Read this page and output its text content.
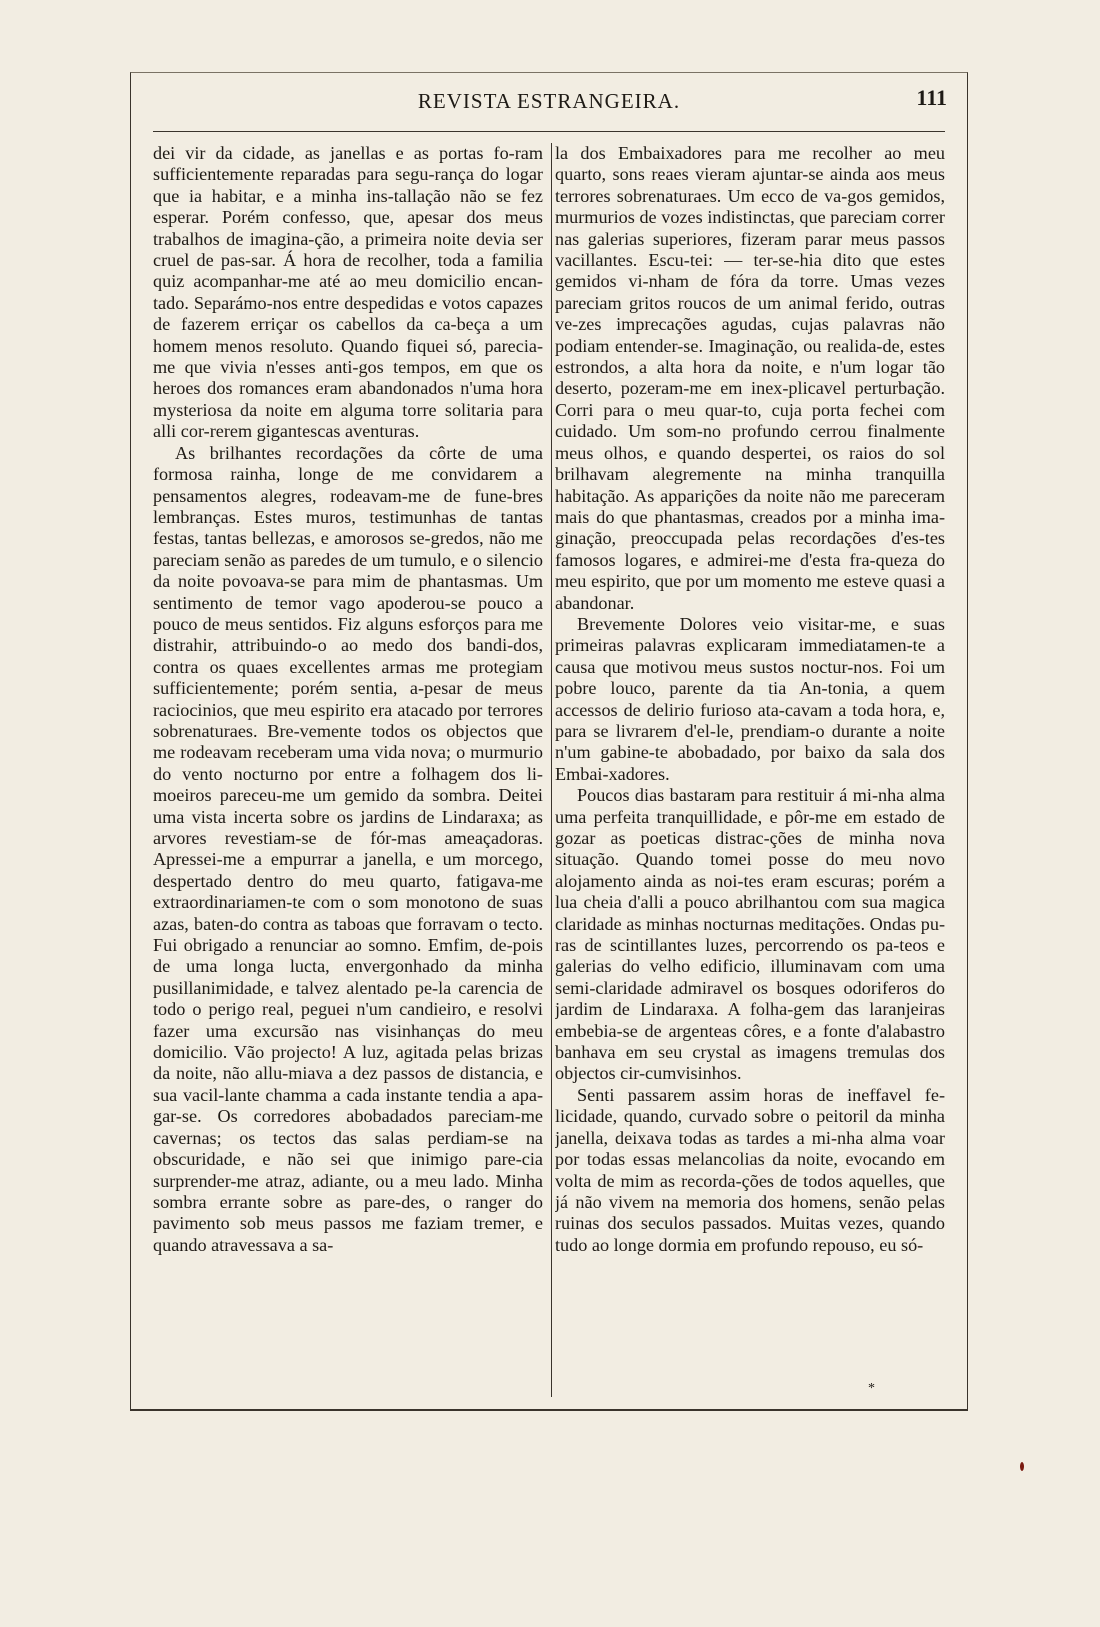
REVISTA ESTRANGEIRA.	111

dei vir da cidade, as janellas e as portas fo-ram sufficientemente reparadas para segu-rança do logar que ia habitar, e a minha ins-tallação não se fez esperar. Porém confesso, que, apesar dos meus trabalhos de imagina-ção, a primeira noite devia ser cruel de pas-sar. Á hora de recolher, toda a familia quiz acompanhar-me até ao meu domicilio encan-tado. Separámo-nos entre despedidas e votos capazes de fazerem erriçar os cabellos da ca-beça a um homem menos resoluto. Quando fiquei só, parecia-me que vivia n'esses anti-gos tempos, em que os heroes dos romances eram abandonados n'uma hora mysteriosa da noite em alguma torre solitaria para alli cor-rerem gigantescas aventuras.

As brilhantes recordações da côrte de uma formosa rainha, longe de me convidarem a pensamentos alegres, rodeavam-me de fune-bres lembranças. Estes muros, testimunhas de tantas festas, tantas bellezas, e amorosos se-gredos, não me pareciam senão as paredes de um tumulo, e o silencio da noite povoava-se para mim de phantasmas. Um sentimento de temor vago apoderou-se pouco a pouco de meus sentidos. Fiz alguns esforços para me distrahir, attribuindo-o ao medo dos bandi-dos, contra os quaes excellentes armas me protegiam sufficientemente; porém sentia, a-pesar de meus raciocinios, que meu espirito era atacado por terrores sobrenaturaes. Bre-vemente todos os objectos que me rodeavam receberam uma vida nova; o murmurio do vento nocturno por entre a folhagem dos li-moeiros pareceu-me um gemido da sombra. Deitei uma vista incerta sobre os jardins de Lindaraxa; as arvores revestiam-se de fór-mas ameaçadoras. Apressei-me a empurrar a janella, e um morcego, despertado dentro do meu quarto, fatigava-me extraordinariamen-te com o som monotono de suas azas, baten-do contra as taboas que forravam o tecto. Fui obrigado a renunciar ao somno. Emfim, de-pois de uma longa lucta, envergonhado da minha pusillanimidade, e talvez alentado pe-la carencia de todo o perigo real, peguei n'um candieiro, e resolvi fazer uma excursão nas visinhanças do meu domicilio. Vão projecto! A luz, agitada pelas brizas da noite, não allu-miava a dez passos de distancia, e sua vacil-lante chamma a cada instante tendia a apa-gar-se. Os corredores abobadados pareciam-me cavernas; os tectos das salas perdiam-se na obscuridade, e não sei que inimigo pare-cia surprender-me atraz, adiante, ou a meu lado. Minha sombra errante sobre as pare-des, o ranger do pavimento sob meus passos me faziam tremer, e quando atravessava a sa-

la dos Embaixadores para me recolher ao meu quarto, sons reaes vieram ajuntar-se ainda aos meus terrores sobrenaturaes. Um ecco de va-gos gemidos, murmurios de vozes indistinctas, que pareciam correr nas galerias superiores, fizeram parar meus passos vacillantes. Escu-tei: — ter-se-hia dito que estes gemidos vi-nham de fóra da torre. Umas vezes pareciam gritos roucos de um animal ferido, outras ve-zes imprecações agudas, cujas palavras não podiam entender-se. Imaginação, ou realida-de, estes estrondos, a alta hora da noite, e n'um logar tão deserto, pozeram-me em inex-plicavel perturbação. Corri para o meu quar-to, cuja porta fechei com cuidado. Um som-no profundo cerrou finalmente meus olhos, e quando despertei, os raios do sol brilhavam alegremente na minha tranquilla habitação. As apparições da noite não me pareceram mais do que phantasmas, creados por a minha ima-ginação, preoccupada pelas recordações d'es-tes famosos logares, e admirei-me d'esta fra-queza do meu espirito, que por um momento me esteve quasi a abandonar.

Brevemente Dolores veio visitar-me, e suas primeiras palavras explicaram immediatamen-te a causa que motivou meus sustos noctur-nos. Foi um pobre louco, parente da tia An-tonia, a quem accessos de delirio furioso ata-cavam a toda hora, e, para se livrarem d'el-le, prendiam-o durante a noite n'um gabine-te abobadado, por baixo da sala dos Embai-xadores.

Poucos dias bastaram para restituir á mi-nha alma uma perfeita tranquillidade, e pôr-me em estado de gozar as poeticas distrac-ções de minha nova situação. Quando tomei posse do meu novo alojamento ainda as noi-tes eram escuras; porém a lua cheia d'alli a pouco abrilhantou com sua magica claridade as minhas nocturnas meditações. Ondas pu-ras de scintillantes luzes, percorrendo os pa-teos e galerias do velho edificio, illuminavam com uma semi-claridade admiravel os bosques odoriferos do jardim de Lindaraxa. A folha-gem das laranjeiras embebia-se de argenteas côres, e a fonte d'alabastro banhava em seu crystal as imagens tremulas dos objectos cir-cumvisinhos.

Senti passarem assim horas de ineffavel fe-licidade, quando, curvado sobre o peitoril da minha janella, deixava todas as tardes a mi-nha alma voar por todas essas melancolias da noite, evocando em volta de mim as recorda-ções de todos aquelles, que já não vivem na memoria dos homens, senão pelas ruinas dos seculos passados. Muitas vezes, quando tudo ao longe dormia em profundo repouso, eu só-

*
